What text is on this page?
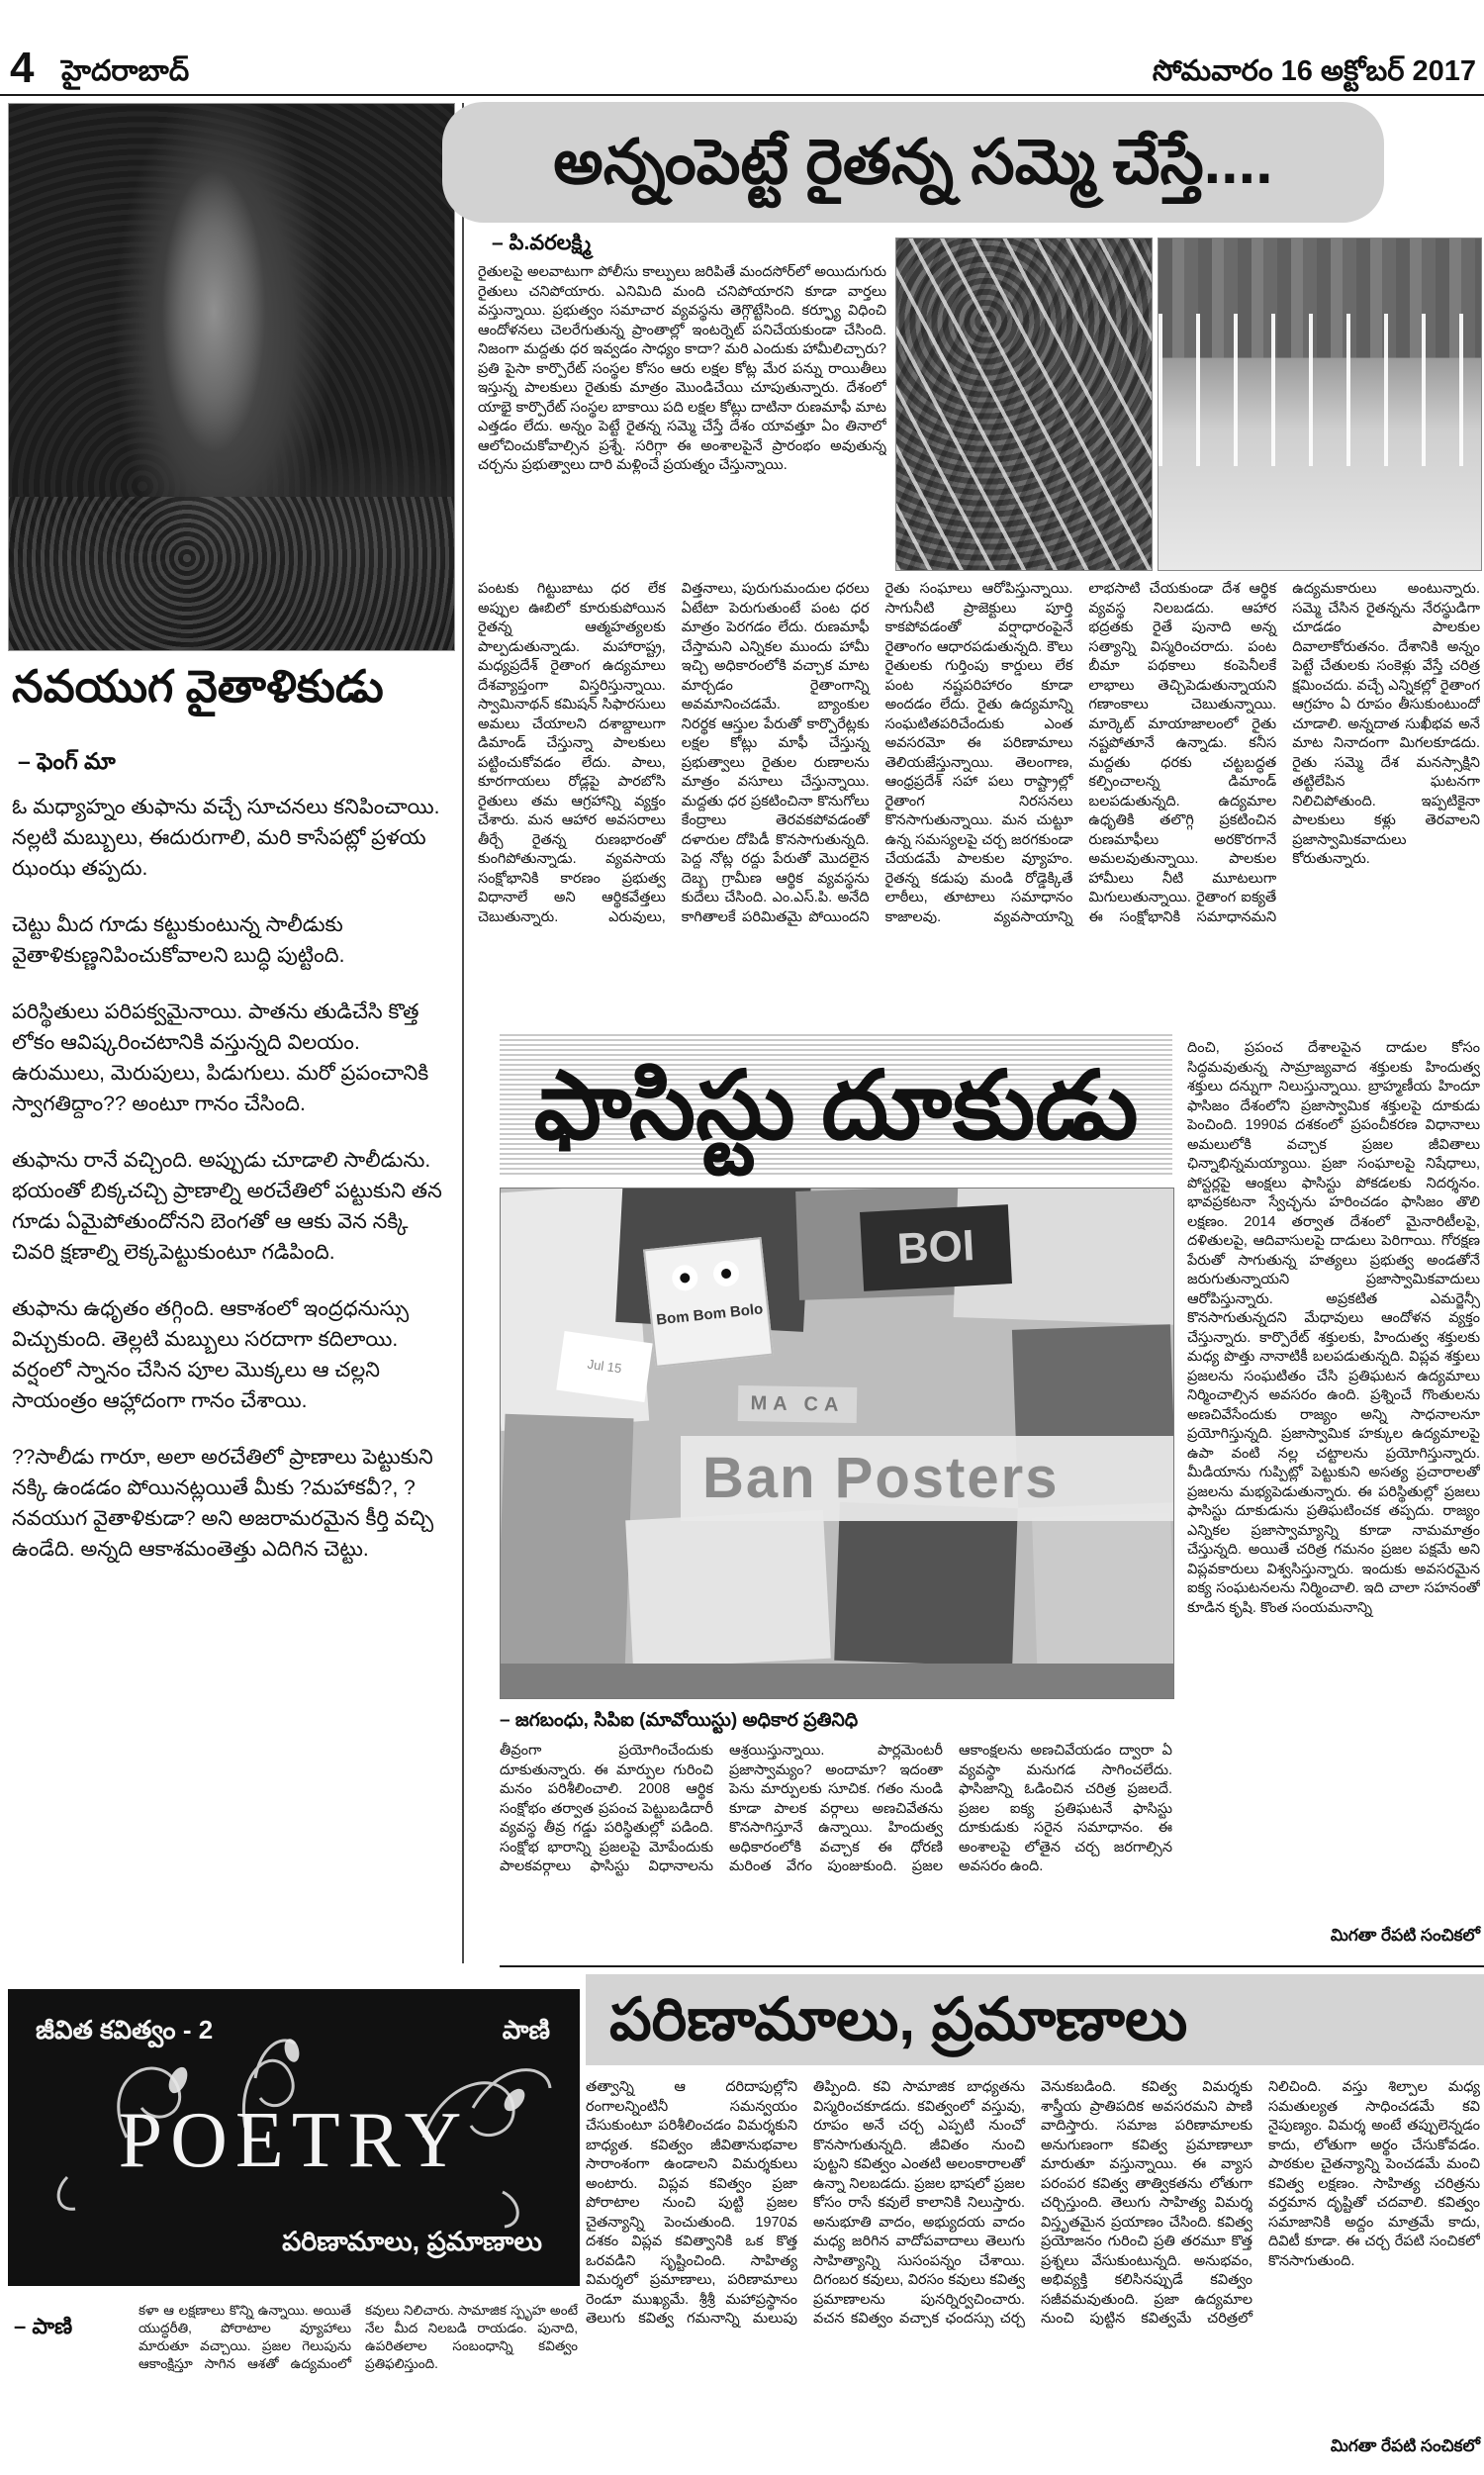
4 హైదరాబాద్	సోమవారం 16 అక్టోబర్ 2017
నవయుగ వైతాళికుడు
– ఫెంగ్ మా

ఓ మధ్యాహ్నం తుఫాను వచ్చే సూచనలు కనిపించాయి. నల్లటి మబ్బులు, ఈదురుగాలి, మరి కాసేపట్లో ప్రళయ ఝంఝ తప్పదు.

చెట్టు మీద గూడు కట్టుకుంటున్న సాలీడుకు వైతాళికుణ్ణనిపించుకోవాలని బుద్ధి పుట్టింది.

పరిస్థితులు పరిపక్వమైనాయి. పాతను తుడిచేసి కొత్త లోకం ఆవిష్కరించటానికి వస్తున్నది విలయం. ఉరుములు, మెరుపులు, పిడుగులు. మరో ప్రపంచానికి స్వాగతిద్దాం?? అంటూ గానం చేసింది.

తుఫాను రానే వచ్చింది. అప్పుడు చూడాలి సాలీడును. భయంతో బిక్కచచ్చి ప్రాణాల్ని అరచేతిలో పట్టుకుని తన గూడు ఏమైపోతుందోనని బెంగతో ఆ ఆకు వెన నక్కి చివరి క్షణాల్ని లెక్కపెట్టుకుంటూ గడిపింది.

తుఫాను ఉధృతం తగ్గింది. ఆకాశంలో ఇంద్రధనుస్సు విచ్చుకుంది. తెల్లటి మబ్బులు సరదాగా కదిలాయి. వర్షంలో స్నానం చేసిన పూల మొక్కలు ఆ చల్లని సాయంత్రం ఆహ్లాదంగా గానం చేశాయి.

??సాలీడు గారూ, అలా అరచేతిలో ప్రాణాలు పెట్టుకుని నక్కి ఉండడం పోయినట్లయితే మీకు ?మహాకవీ?, ?నవయుగ వైతాళికుడా? అని అజరామరమైన కీర్తి వచ్చి ఉండేది. అన్నది ఆకాశమంతెత్తు ఎదిగిన చెట్టు.

అన్నంపెట్టే రైతన్న సమ్మె చేస్తే....
– పి.వరలక్ష్మి
రైతులపై అలవాటుగా పోలీసు కాల్పులు జరిపితే మందసోర్‌లో అయిదుగురు రైతులు చనిపోయారు. ఎనిమిది మంది చనిపోయారని కూడా వార్తలు వస్తున్నాయి. ప్రభుత్వం సమాచార వ్యవస్థను తెగ్గొట్టేసింది. కర్ఫ్యూ విధించి ఆందోళనలు చెలరేగుతున్న ప్రాంతాల్లో ఇంటర్నెట్ పనిచేయకుండా చేసింది. నిజంగా మద్దతు ధర ఇవ్వడం సాధ్యం కాదా? మరి ఎందుకు హామీలిచ్చారు? ప్రతి పైసా కార్పొరేట్ సంస్థల కోసం ఆరు లక్షల కోట్ల మేర పన్ను రాయితీలు ఇస్తున్న పాలకులు రైతుకు మాత్రం మొండిచేయి చూపుతున్నారు. దేశంలో యాభై కార్పొరేట్ సంస్థల బాకాయి పది లక్షల కోట్లు దాటినా రుణమాఫీ మాట ఎత్తడం లేదు. అన్నం పెట్టే రైతన్న సమ్మె చేస్తే దేశం యావత్తూ ఏం తినాలో ఆలోచించుకోవాల్సిన ప్రశ్నే. సరిగ్గా ఈ అంశాలపైనే ప్రారంభం అవుతున్న చర్చను ప్రభుత్వాలు దారి మళ్లించే ప్రయత్నం చేస్తున్నాయి.
పంటకు గిట్టుబాటు ధర లేక అప్పుల ఊబిలో కూరుకుపోయిన రైతన్న ఆత్మహత్యలకు పాల్పడుతున్నాడు. మహారాష్ట్ర, మధ్యప్రదేశ్ రైతాంగ ఉద్యమాలు దేశవ్యాప్తంగా విస్తరిస్తున్నాయి. స్వామినాథన్ కమిషన్ సిఫారసులు అమలు చేయాలని దశాబ్దాలుగా డిమాండ్ చేస్తున్నా పాలకులు పట్టించుకోవడం లేదు. పాలు, కూరగాయలు రోడ్లపై పారబోసి రైతులు తమ ఆగ్రహాన్ని వ్యక్తం చేశారు. మన ఆహార అవసరాలు తీర్చే రైతన్న రుణభారంతో కుంగిపోతున్నాడు. వ్యవసాయ సంక్షోభానికి కారణం ప్రభుత్వ విధానాలే అని ఆర్థికవేత్తలు చెబుతున్నారు. ఎరువులు, విత్తనాలు, పురుగుమందుల ధరలు ఏటేటా పెరుగుతుంటే పంట ధర మాత్రం పెరగడం లేదు. రుణమాఫీ చేస్తామని ఎన్నికల ముందు హామీ ఇచ్చి అధికారంలోకి వచ్చాక మాట మార్చడం రైతాంగాన్ని అవమానించడమే. బ్యాంకుల నిరర్థక ఆస్తుల పేరుతో కార్పొరేట్లకు లక్షల కోట్లు మాఫీ చేస్తున్న ప్రభుత్వాలు రైతుల రుణాలను మాత్రం వసూలు చేస్తున్నాయి. మద్దతు ధర ప్రకటించినా కొనుగోలు కేంద్రాలు తెరవకపోవడంతో దళారుల దోపిడీ కొనసాగుతున్నది. పెద్ద నోట్ల రద్దు పేరుతో మొదలైన దెబ్బ గ్రామీణ ఆర్థిక వ్యవస్థను కుదేలు చేసింది. ఎం.ఎస్.పి. అనేది కాగితాలకే పరిమితమై పోయిందని రైతు సంఘాలు ఆరోపిస్తున్నాయి. సాగునీటి ప్రాజెక్టులు పూర్తి కాకపోవడంతో వర్షాధారంపైనే రైతాంగం ఆధారపడుతున్నది. కౌలు రైతులకు గుర్తింపు కార్డులు లేక పంట నష్టపరిహారం కూడా అందడం లేదు. రైతు ఉద్యమాన్ని సంఘటితపరిచేందుకు ఎంత అవసరమో ఈ పరిణామాలు తెలియజేస్తున్నాయి. తెలంగాణ, ఆంధ్రప్రదేశ్ సహా పలు రాష్ట్రాల్లో రైతాంగ నిరసనలు కొనసాగుతున్నాయి. మన చుట్టూ ఉన్న సమస్యలపై చర్చ జరగకుండా చేయడమే పాలకుల వ్యూహం. రైతన్న కడుపు మండి రోడ్డెక్కితే లాఠీలు, తూటాలు సమాధానం కాజాలవు. వ్యవసాయాన్ని లాభసాటి చేయకుండా దేశ ఆర్థిక వ్యవస్థ నిలబడదు. ఆహార భద్రతకు రైతే పునాది అన్న సత్యాన్ని విస్మరించరాదు. పంట బీమా పథకాలు కంపెనీలకే లాభాలు తెచ్చిపెడుతున్నాయని గణాంకాలు చెబుతున్నాయి. మార్కెట్ మాయాజాలంలో రైతు నష్టపోతూనే ఉన్నాడు. కనీస మద్దతు ధరకు చట్టబద్ధత కల్పించాలన్న డిమాండ్ బలపడుతున్నది. ఉద్యమాల ఉధృతికి తలొగ్గి ప్రకటించిన రుణమాఫీలు అరకొరగానే అమలవుతున్నాయి. పాలకుల హామీలు నీటి మూటలుగా మిగులుతున్నాయి. రైతాంగ ఐక్యతే ఈ సంక్షోభానికి సమాధానమని ఉద్యమకారులు అంటున్నారు. సమ్మె చేసిన రైతన్నను నేరస్థుడిగా చూడడం పాలకుల దివాలాకోరుతనం. దేశానికి అన్నం పెట్టే చేతులకు సంకెళ్లు వేస్తే చరిత్ర క్షమించదు. వచ్చే ఎన్నికల్లో రైతాంగ ఆగ్రహం ఏ రూపం తీసుకుంటుందో చూడాలి. అన్నదాత సుఖీభవ అనే మాట నినాదంగా మిగలకూడదు. రైతు సమ్మె దేశ మనస్సాక్షిని తట్టిలేపిన ఘటనగా నిలిచిపోతుంది. ఇప్పటికైనా పాలకులు కళ్లు తెరవాలని ప్రజాస్వామికవాదులు కోరుతున్నారు.
ఫాసిస్టు దూకుడు
దించి, ప్రపంచ దేశాలపైన దాడుల కోసం సిద్ధమవుతున్న సామ్రాజ్యవాద శక్తులకు హిందుత్వ శక్తులు దన్నుగా నిలుస్తున్నాయి. బ్రాహ్మణీయ హిందూ ఫాసిజం దేశంలోని ప్రజాస్వామిక శక్తులపై దూకుడు పెంచింది. 1990వ దశకంలో ప్రపంచీకరణ విధానాలు అమలులోకి వచ్చాక ప్రజల జీవితాలు ఛిన్నాభిన్నమయ్యాయి. ప్రజా సంఘాలపై నిషేధాలు, పోస్టర్లపై ఆంక్షలు ఫాసిస్టు పోకడలకు నిదర్శనం. భావప్రకటనా స్వేచ్ఛను హరించడం ఫాసిజం తొలి లక్షణం. 2014 తర్వాత దేశంలో మైనారిటీలపై, దళితులపై, ఆదివాసులపై దాడులు పెరిగాయి. గోరక్షణ పేరుతో సాగుతున్న హత్యలు ప్రభుత్వ అండతోనే జరుగుతున్నాయని ప్రజాస్వామికవాదులు ఆరోపిస్తున్నారు. అప్రకటిత ఎమర్జెన్సీ కొనసాగుతున్నదని మేధావులు ఆందోళన వ్యక్తం చేస్తున్నారు. కార్పొరేట్ శక్తులకు, హిందుత్వ శక్తులకు మధ్య పొత్తు నానాటికీ బలపడుతున్నది. విప్లవ శక్తులు ప్రజలను సంఘటితం చేసి ప్రతిఘటన ఉద్యమాలు నిర్మించాల్సిన అవసరం ఉంది. ప్రశ్నించే గొంతులను అణచివేసేందుకు రాజ్యం అన్ని సాధనాలనూ ప్రయోగిస్తున్నది. ప్రజాస్వామిక హక్కుల ఉద్యమాలపై ఉపా వంటి నల్ల చట్టాలను ప్రయోగిస్తున్నారు. మీడియాను గుప్పిట్లో పెట్టుకుని అసత్య ప్రచారాలతో ప్రజలను మభ్యపెడుతున్నారు. ఈ పరిస్థితుల్లో ప్రజలు ఫాసిస్టు దూకుడును ప్రతిఘటించక తప్పదు. రాజ్యం ఎన్నికల ప్రజాస్వామ్యాన్ని కూడా నామమాత్రం చేస్తున్నది. అయితే చరిత్ర గమనం ప్రజల పక్షమే అని విప్లవకారులు విశ్వసిస్తున్నారు. ఇందుకు అవసరమైన ఐక్య సంఘటనలను నిర్మించాలి. ఇది చాలా సహనంతో కూడిన కృషి. కొంత సంయమనాన్ని
మిగతా రేపటి సంచికలో
BOI
Bom Bom Bolo
MA CA
Jul 15
Ban Posters
– జగబంధు, సిపిఐ (మావోయిస్టు) అధికార ప్రతినిధి
తీవ్రంగా ప్రయోగించేందుకు దూకుతున్నారు. ఈ మార్పుల గురించి మనం పరిశీలించాలి. 2008 ఆర్థిక సంక్షోభం తర్వాత ప్రపంచ పెట్టుబడిదారీ వ్యవస్థ తీవ్ర గడ్డు పరిస్థితుల్లో పడింది. సంక్షోభ భారాన్ని ప్రజలపై మోపేందుకు పాలకవర్గాలు ఫాసిస్టు విధానాలను ఆశ్రయిస్తున్నాయి. పార్లమెంటరీ ప్రజాస్వామ్యం? అందామా? ఇదంతా పెను మార్పులకు సూచిక. గతం నుండి కూడా పాలక వర్గాలు అణచివేతను కొనసాగిస్తూనే ఉన్నాయి. హిందుత్వ అధికారంలోకి వచ్చాక ఈ ధోరణి మరింత వేగం పుంజుకుంది. ప్రజల ఆకాంక్షలను అణచివేయడం ద్వారా ఏ వ్యవస్థా మనుగడ సాగించలేదు. ఫాసిజాన్ని ఓడించిన చరిత్ర ప్రజలదే. ప్రజల ఐక్య ప్రతిఘటనే ఫాసిస్టు దూకుడుకు సరైన సమాధానం. ఈ అంశాలపై లోతైన చర్చ జరగాల్సిన అవసరం ఉంది.
జీవిత కవిత్వం - 2	పాణి
POETRY
పరిణామాలు, ప్రమాణాలు
పరిణామాలు, ప్రమాణాలు
– పాణి
కళా ఆ లక్షణాలు కొన్ని ఉన్నాయి. అయితే యుద్ధరీతి, పోరాటాల వ్యూహాలు మారుతూ వచ్చాయి. ప్రజల గెలుపును ఆకాంక్షిస్తూ సాగిన ఆశతో ఉద్యమంలో కవులు నిలిచారు. సామాజిక స్పృహ అంటే నేల మీద నిలబడి రాయడం. పునాది, ఉపరితలాల సంబంధాన్ని కవిత్వం ప్రతిఫలిస్తుంది.
తత్వాన్ని ఆ దరిదాపుల్లోని రంగాలన్నింటినీ సమన్వయం చేసుకుంటూ పరిశీలించడం విమర్శకుని బాధ్యత. కవిత్వం జీవితానుభవాల సారాంశంగా ఉండాలని విమర్శకులు అంటారు. విప్లవ కవిత్వం ప్రజా పోరాటాల నుంచి పుట్టి ప్రజల చైతన్యాన్ని పెంచుతుంది. 1970వ దశకం విప్లవ కవిత్వానికి ఒక కొత్త ఒరవడిని సృష్టించింది. సాహిత్య విమర్శలో ప్రమాణాలు, పరిణామాలు రెండూ ముఖ్యమే. శ్రీశ్రీ మహాప్రస్థానం తెలుగు కవిత్వ గమనాన్ని మలుపు తిప్పింది. కవి సామాజిక బాధ్యతను విస్మరించకూడదు. కవిత్వంలో వస్తువు, రూపం అనే చర్చ ఎప్పటి నుంచో కొనసాగుతున్నది. జీవితం నుంచి పుట్టని కవిత్వం ఎంతటి అలంకారాలతో ఉన్నా నిలబడదు. ప్రజల భాషలో ప్రజల కోసం రాసే కవులే కాలానికి నిలుస్తారు. అనుభూతి వాదం, అభ్యుదయ వాదం మధ్య జరిగిన వాదోపవాదాలు తెలుగు సాహిత్యాన్ని సుసంపన్నం చేశాయి. దిగంబర కవులు, విరసం కవులు కవిత్వ ప్రమాణాలను పునర్నిర్వచించారు. వచన కవిత్వం వచ్చాక ఛందస్సు చర్చ వెనుకబడింది. కవిత్వ విమర్శకు శాస్త్రీయ ప్రాతిపదిక అవసరమని పాణి వాదిస్తారు. సమాజ పరిణామాలకు అనుగుణంగా కవిత్వ ప్రమాణాలూ మారుతూ వస్తున్నాయి. ఈ వ్యాస పరంపర కవిత్వ తాత్వికతను లోతుగా చర్చిస్తుంది. తెలుగు సాహిత్య విమర్శ విస్తృతమైన ప్రయాణం చేసింది. కవిత్వ ప్రయోజనం గురించి ప్రతి తరమూ కొత్త ప్రశ్నలు వేసుకుంటున్నది. అనుభవం, అభివ్యక్తి కలిసినప్పుడే కవిత్వం సజీవమవుతుంది. ప్రజా ఉద్యమాల నుంచి పుట్టిన కవిత్వమే చరిత్రలో నిలిచింది. వస్తు శిల్పాల మధ్య సమతుల్యత సాధించడమే కవి నైపుణ్యం. విమర్శ అంటే తప్పులెన్నడం కాదు, లోతుగా అర్థం చేసుకోవడం. పాఠకుల చైతన్యాన్ని పెంచడమే మంచి కవిత్వ లక్షణం. సాహిత్య చరిత్రను వర్తమాన దృష్టితో చదవాలి. కవిత్వం సమాజానికి అద్దం మాత్రమే కాదు, దివిటీ కూడా. ఈ చర్చ రేపటి సంచికలో కొనసాగుతుంది.
మిగతా రేపటి సంచికలో
